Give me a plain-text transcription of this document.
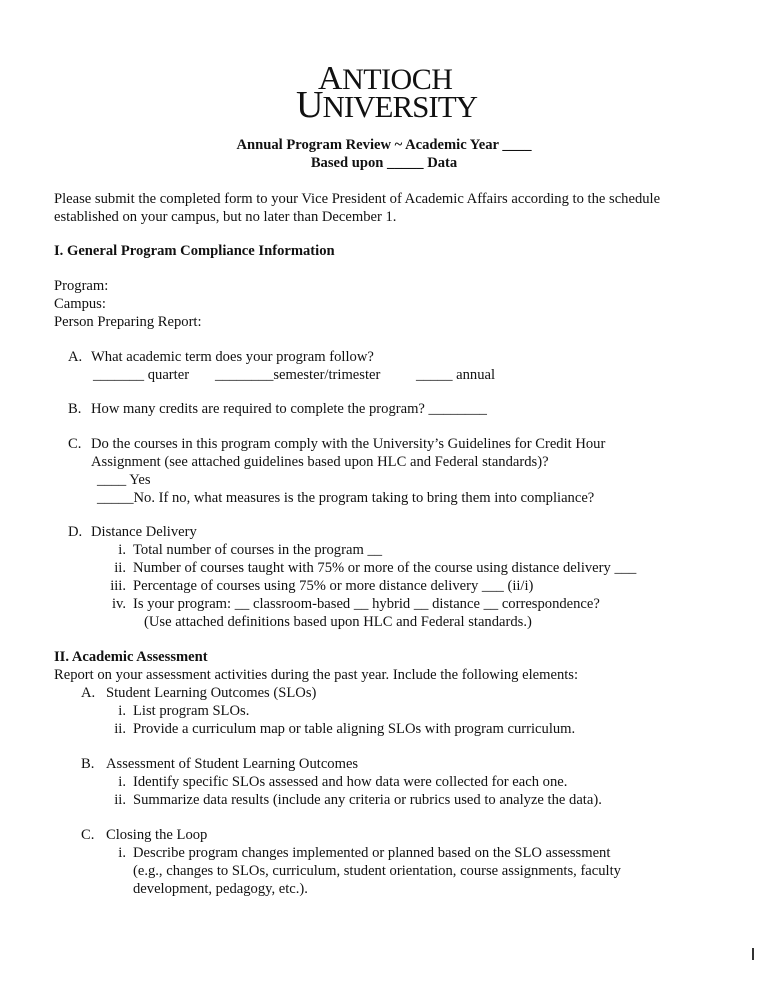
ANTIOCH
UNIVERSITY
Annual Program Review ~ Academic Year ____
Based upon _____ Data
Please submit the completed form to your Vice President of Academic Affairs according to the schedule
established on your campus, but no later than December 1.
I. General Program Compliance Information
Program:
Campus:
Person Preparing Report:
A. What academic term does your program follow?
_______ quarter ________semester/trimester _____ annual
B. How many credits are required to complete the program? ________
C. Do the courses in this program comply with the University’s Guidelines for Credit Hour
Assignment (see attached guidelines based upon HLC and Federal standards)?
____ Yes
_____No. If no, what measures is the program taking to bring them into compliance?
D. Distance Delivery
i. Total number of courses in the program __
ii. Number of courses taught with 75% or more of the course using distance delivery ___
iii. Percentage of courses using 75% or more distance delivery ___ (ii/i)
iv. Is your program: __ classroom-based __ hybrid __ distance __ correspondence?
(Use attached definitions based upon HLC and Federal standards.)
II. Academic Assessment
Report on your assessment activities during the past year. Include the following elements:
A. Student Learning Outcomes (SLOs)
i. List program SLOs.
ii. Provide a curriculum map or table aligning SLOs with program curriculum.
B. Assessment of Student Learning Outcomes
i. Identify specific SLOs assessed and how data were collected for each one.
ii. Summarize data results (include any criteria or rubrics used to analyze the data).
C. Closing the Loop
i. Describe program changes implemented or planned based on the SLO assessment
(e.g., changes to SLOs, curriculum, student orientation, course assignments, faculty
development, pedagogy, etc.).
